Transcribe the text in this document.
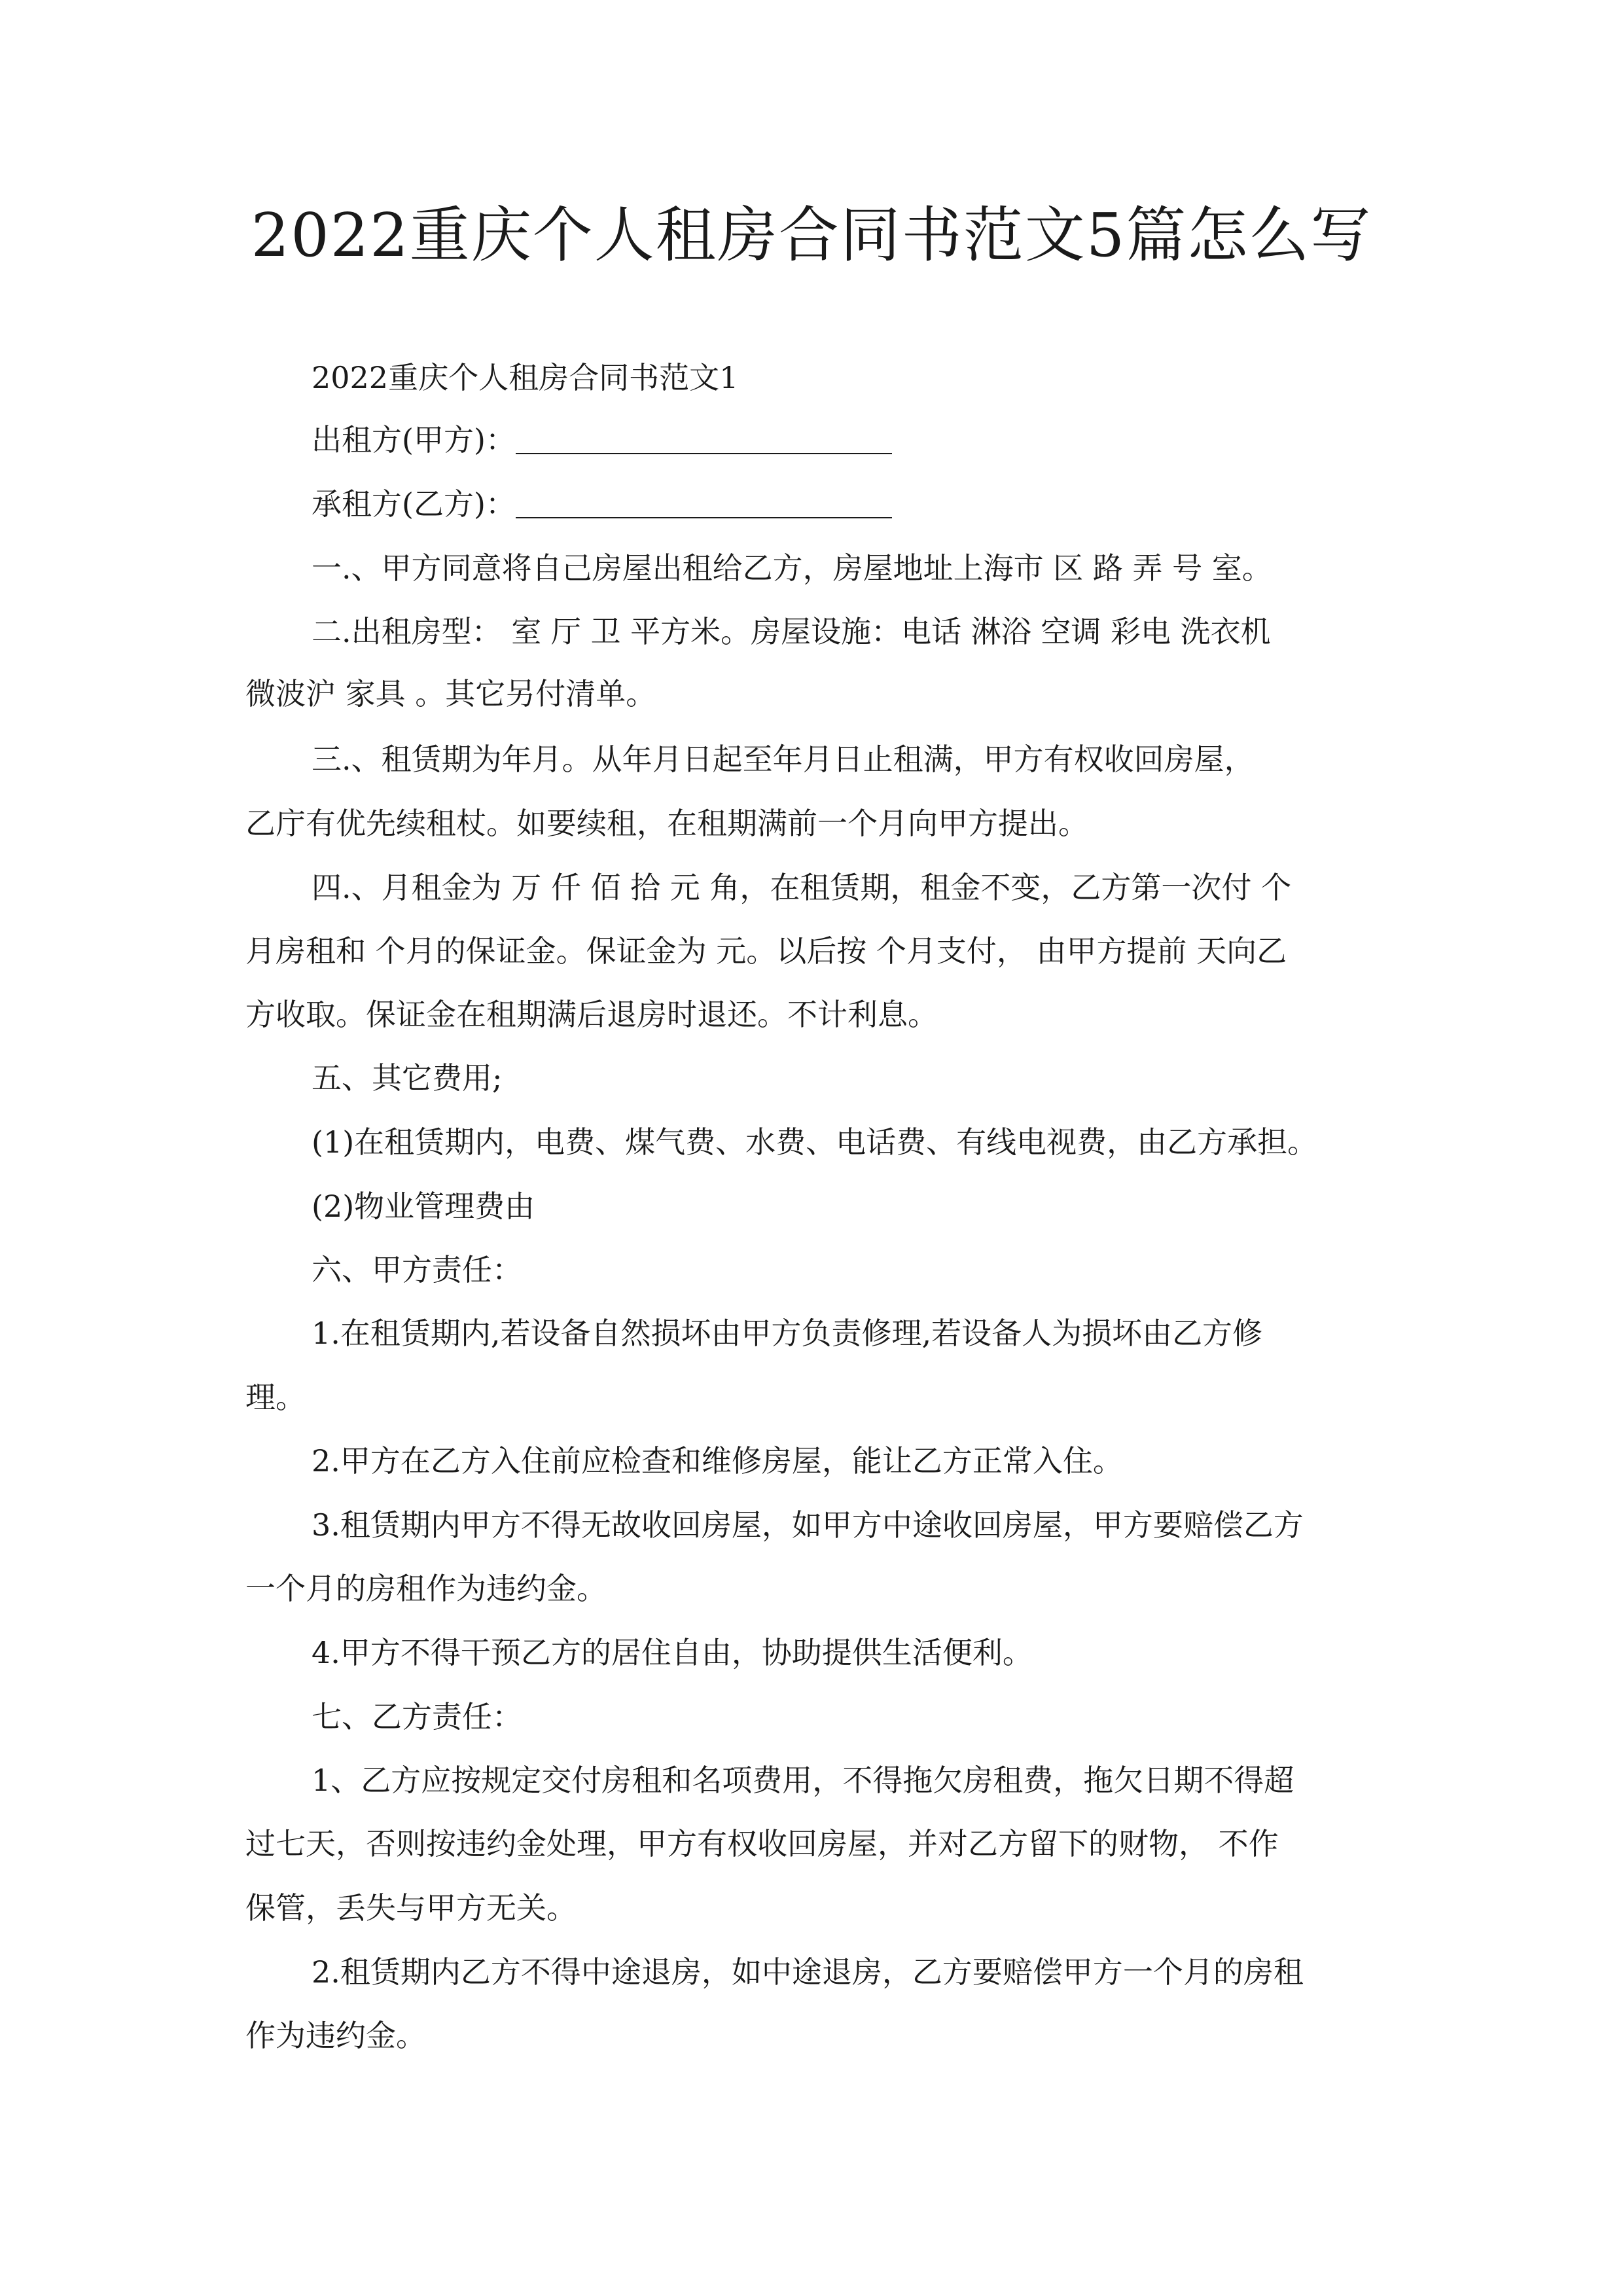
2022重庆个人租房合同书范文5篇怎么写
2022重庆个人租房合同书范文1
出租方(甲方)：
承租方(乙方)：
一.、甲方同意将自己房屋出租给乙方，房屋地址上海市 区 路 弄 号 室。
二.出租房型： 室 厅 卫 平方米。房屋设施：电话 淋浴 空调 彩电 洗衣机
微波沪 家具 。其它另付清单。
三.、租赁期为年月。从年月日起至年月日止租满，甲方有权收回房屋，
乙庁有优先续租杖。如要续租，在租期满前一个月向甲方提出。
四.、月租金为 万 仟 佰 拾 元 角，在租赁期，租金不变，乙方第一次付 个
月房租和 个月的保证金。保证金为 元。以后按 个月支付， 由甲方提前 天向乙
方收取。保证金在租期满后退房时退还。不计利息。
五、其它费用;
(1)在租赁期内，电费、煤气费、水费、电话费、有线电视费，由乙方承担。
(2)物业管理费由
六、甲方责任：
1.在租赁期内,若设备自然损坏由甲方负责修理,若设备人为损坏由乙方修
理。
2.甲方在乙方入住前应检查和维修房屋，能让乙方正常入住。
3.租赁期内甲方不得无故收回房屋，如甲方中途收回房屋，甲方要赔偿乙方
一个月的房租作为违约金。
4.甲方不得干预乙方的居住自由，协助提供生活便利。
七、乙方责任：
1、乙方应按规定交付房租和名项费用，不得拖欠房租费，拖欠日期不得超
过七天，否则按违约金处理，甲方有权收回房屋，并对乙方留下的财物， 不作
保管，丢失与甲方无关。
2.租赁期内乙方不得中途退房，如中途退房，乙方要赔偿甲方一个月的房租
作为违约金。
